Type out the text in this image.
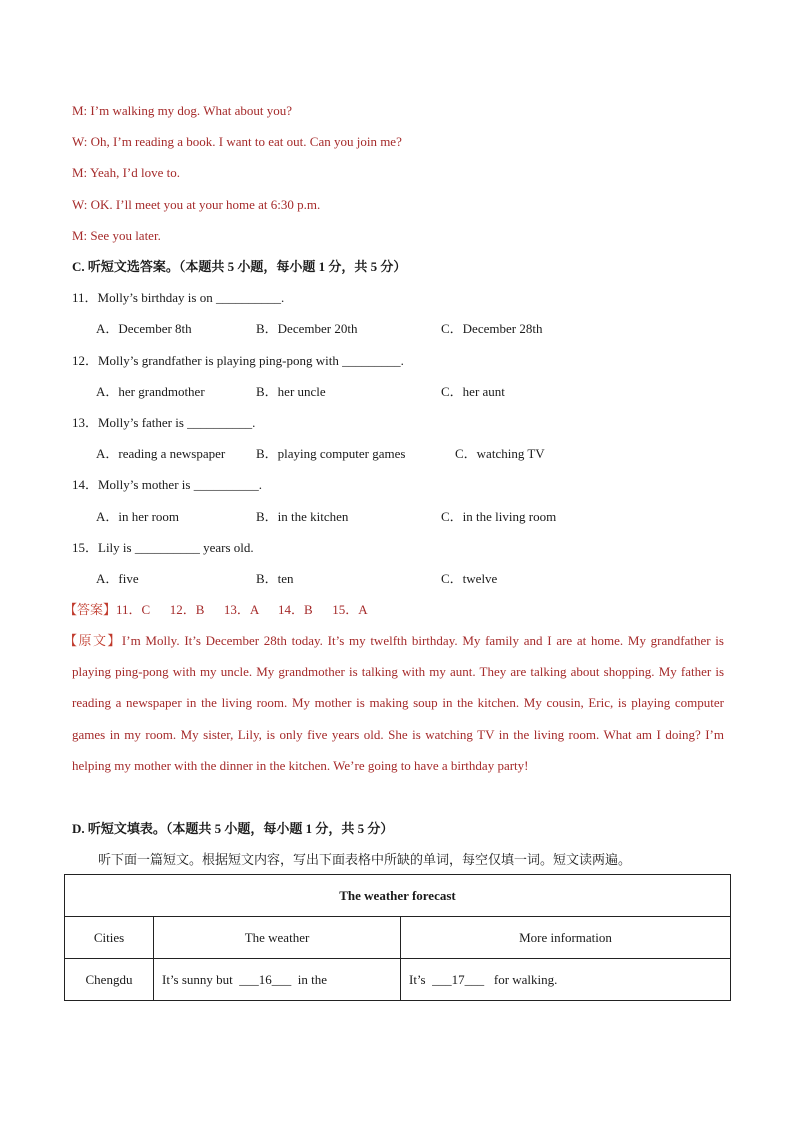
M: I’m walking my dog. What about you?
W: Oh, I’m reading a book. I want to eat out. Can you join me?
M: Yeah, I’d love to.
W: OK. I’ll meet you at your home at 6:30 p.m.
M: See you later.
C. 听短文选答案。（本题共 5 小题，每小题 1 分，共 5 分）
11．Molly’s birthday is on __________.
A．December 8th	B．December 20th	C．December 28th
12．Molly’s grandfather is playing ping-pong with _________.
A．her grandmother	B．her uncle	C．her aunt
13．Molly’s father is __________.
A．reading a newspaper B．playing computer games	C．watching TV
14．Molly’s mother is __________.
A．in her room	B．in the kitchen	C．in the living room
15．Lily is __________ years old.
A．five	B．ten	C．twelve
【答案】11．C      12．B      13．A      14．B      15．A
【原文】I’m Molly. It’s December 28th today. It’s my twelfth birthday. My family and I are at home. My grandfather is playing ping-pong with my uncle. My grandmother is talking with my aunt. They are talking about shopping. My father is reading a newspaper in the living room. My mother is making soup in the kitchen. My cousin, Eric, is playing computer games in my room. My sister, Lily, is only five years old. She is watching TV in the living room. What am I doing? I’m helping my mother with the dinner in the kitchen. We’re going to have a birthday party!
D. 听短文填表。（本题共 5 小题，每小题 1 分，共 5 分）
听下面一篇短文。根据短文内容，写出下面表格中所缺的单词，每空仅填一词。短文读两遍。
The weather forecast		
Cities	The weather	More information
Chengdu	It’s sunny but  ___16___  in the	It’s  ___17___   for walking.
